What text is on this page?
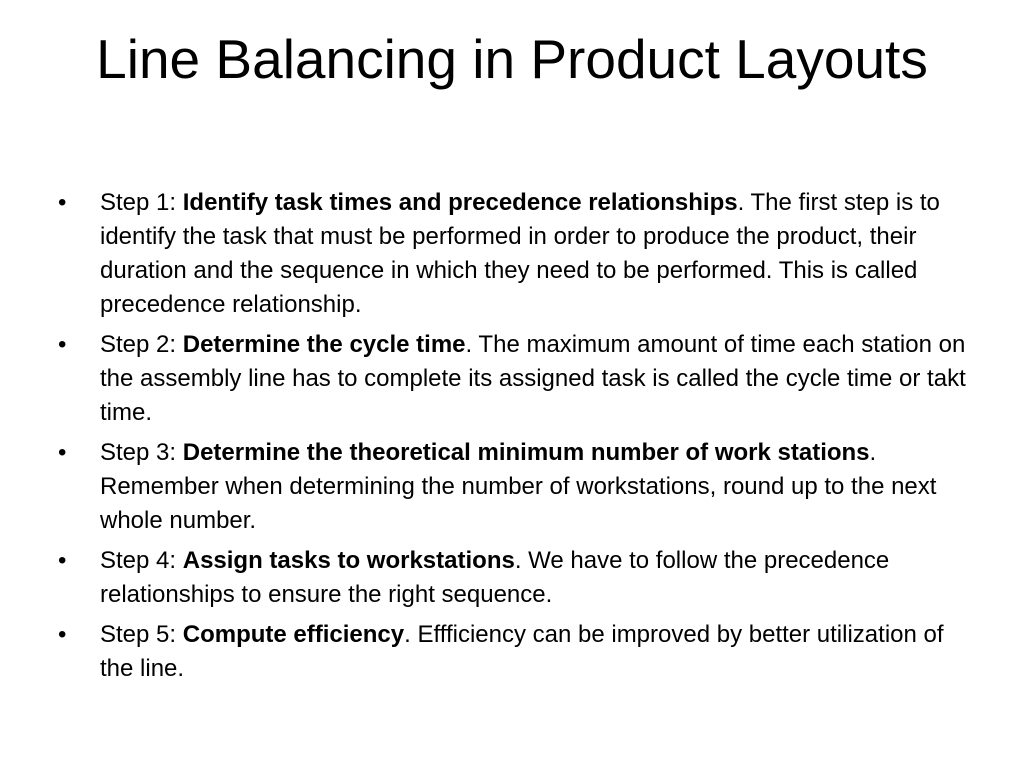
Line Balancing in Product Layouts
•	Step 1: Identify task times and precedence relationships. The first step is to identify the task that must be performed in order to produce the product, their duration and the sequence in which they need to be performed. This is called precedence relationship.
•	Step 2: Determine the cycle time. The maximum amount of time each station on the assembly line has to complete its assigned task is called the cycle time or takt time.
•	Step 3: Determine the theoretical minimum number of work stations. Remember when determining the number of workstations, round up to the next whole number.
•	Step 4: Assign tasks to workstations. We have to follow the precedence relationships to ensure the right sequence.
•	Step 5: Compute efficiency. Effficiency can be improved by better utilization of the line.
